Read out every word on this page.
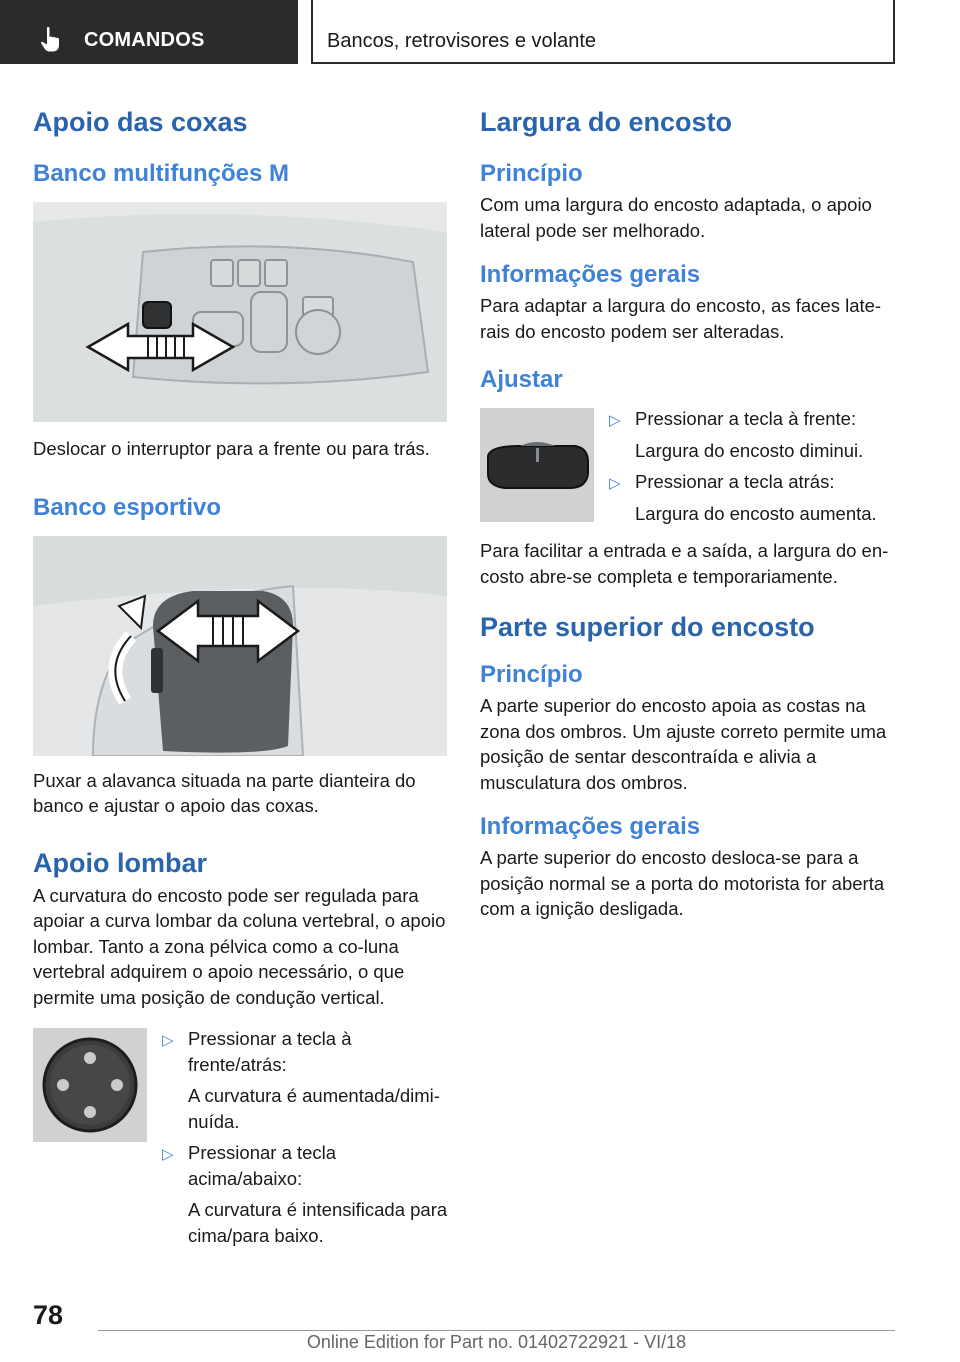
COMANDOS	Bancos, retrovisores e volante
Apoio das coxas
Banco multifunções M

Deslocar o interruptor para a frente ou para trás.

Banco esportivo

Puxar a alavanca situada na parte dianteira do banco e ajustar o apoio das coxas.

Apoio lombar

A curvatura do encosto pode ser regulada para apoiar a curva lombar da coluna vertebral, o apoio lombar. Tanto a zona pélvica como a co-luna vertebral adquirem o apoio necessário, o que permite uma posição de condução vertical.

▷ Pressionar a tecla à frente/atrás:
A curvatura é aumentada/dimi-nuída.
▷ Pressionar a tecla acima/abaixo:
A curvatura é intensificada para cima/para baixo.
Largura do encosto
Princípio

Com uma largura do encosto adaptada, o apoio lateral pode ser melhorado.

Informações gerais

Para adaptar a largura do encosto, as faces late-rais do encosto podem ser alteradas.

Ajustar
▷ Pressionar a tecla à frente:
Largura do encosto diminui.
▷ Pressionar a tecla atrás:
Largura do encosto aumenta.

Para facilitar a entrada e a saída, a largura do en-costo abre-se completa e temporariamente.

Parte superior do encosto
Princípio

A parte superior do encosto apoia as costas na zona dos ombros. Um ajuste correto permite uma posição de sentar descontraída e alivia a musculatura dos ombros.

Informações gerais

A parte superior do encosto desloca-se para a posição normal se a porta do motorista for aberta com a ignição desligada.

78
Online Edition for Part no. 01402722921 - VI/18
